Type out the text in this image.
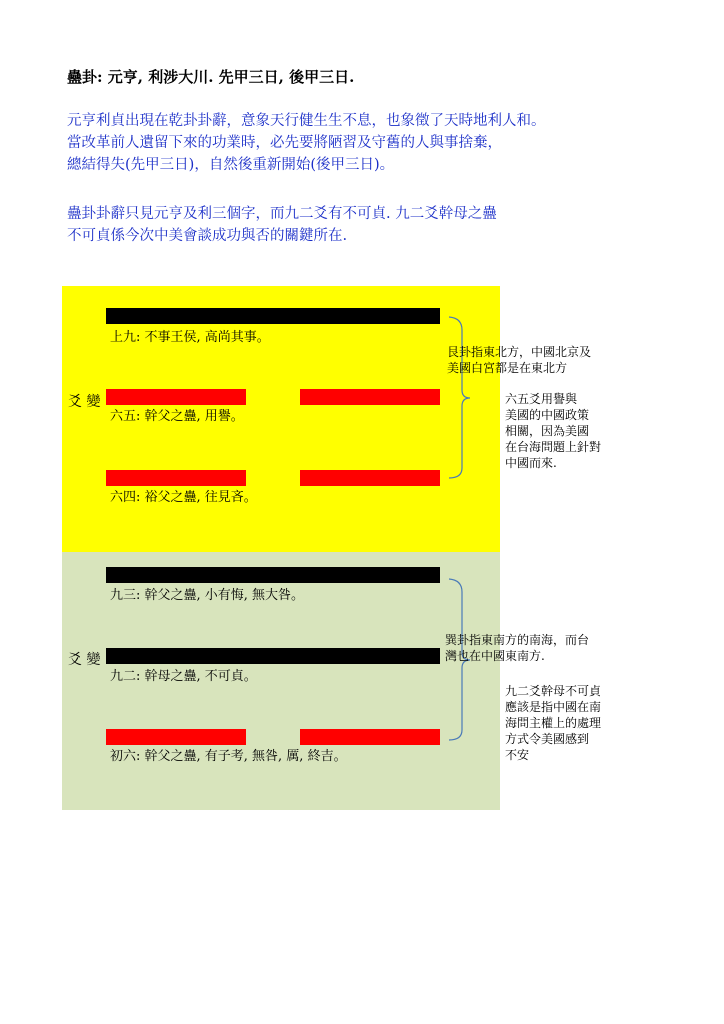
蠱卦: 元亨, 利涉大川. 先甲三日, 後甲三日.
元亨利貞出現在乾卦卦辭，意象天行健生生不息，也象徵了天時地利人和。
當改革前人遺留下來的功業時，必先要將陋習及守舊的人與事捨棄，
總結得失(先甲三日)，自然後重新開始(後甲三日)。
蠱卦卦辭只見元亨及利三個字，而九二爻有不可貞. 九二爻幹母之蠱
不可貞係今次中美會談成功與否的關鍵所在.
上九: 不事王侯, 高尚其事。
六五: 幹父之蠱, 用譽。
六四: 裕父之蠱, 往見吝。
爻 變
九三: 幹父之蠱, 小有悔, 無大咎。
九二: 幹母之蠱, 不可貞。
初六: 幹父之蠱, 有子考, 無咎, 厲, 終吉。
爻 變
艮卦指東北方，中國北京及
美國白宮都是在東北方
六五爻用譽與
美國的中國政策
相關，因為美國
在台海問題上針對
中國而來.
巽卦指東南方的南海，而台
灣也在中國東南方.
九二爻幹母不可貞
應該是指中國在南
海問主權上的處理
方式令美國感到
不安
